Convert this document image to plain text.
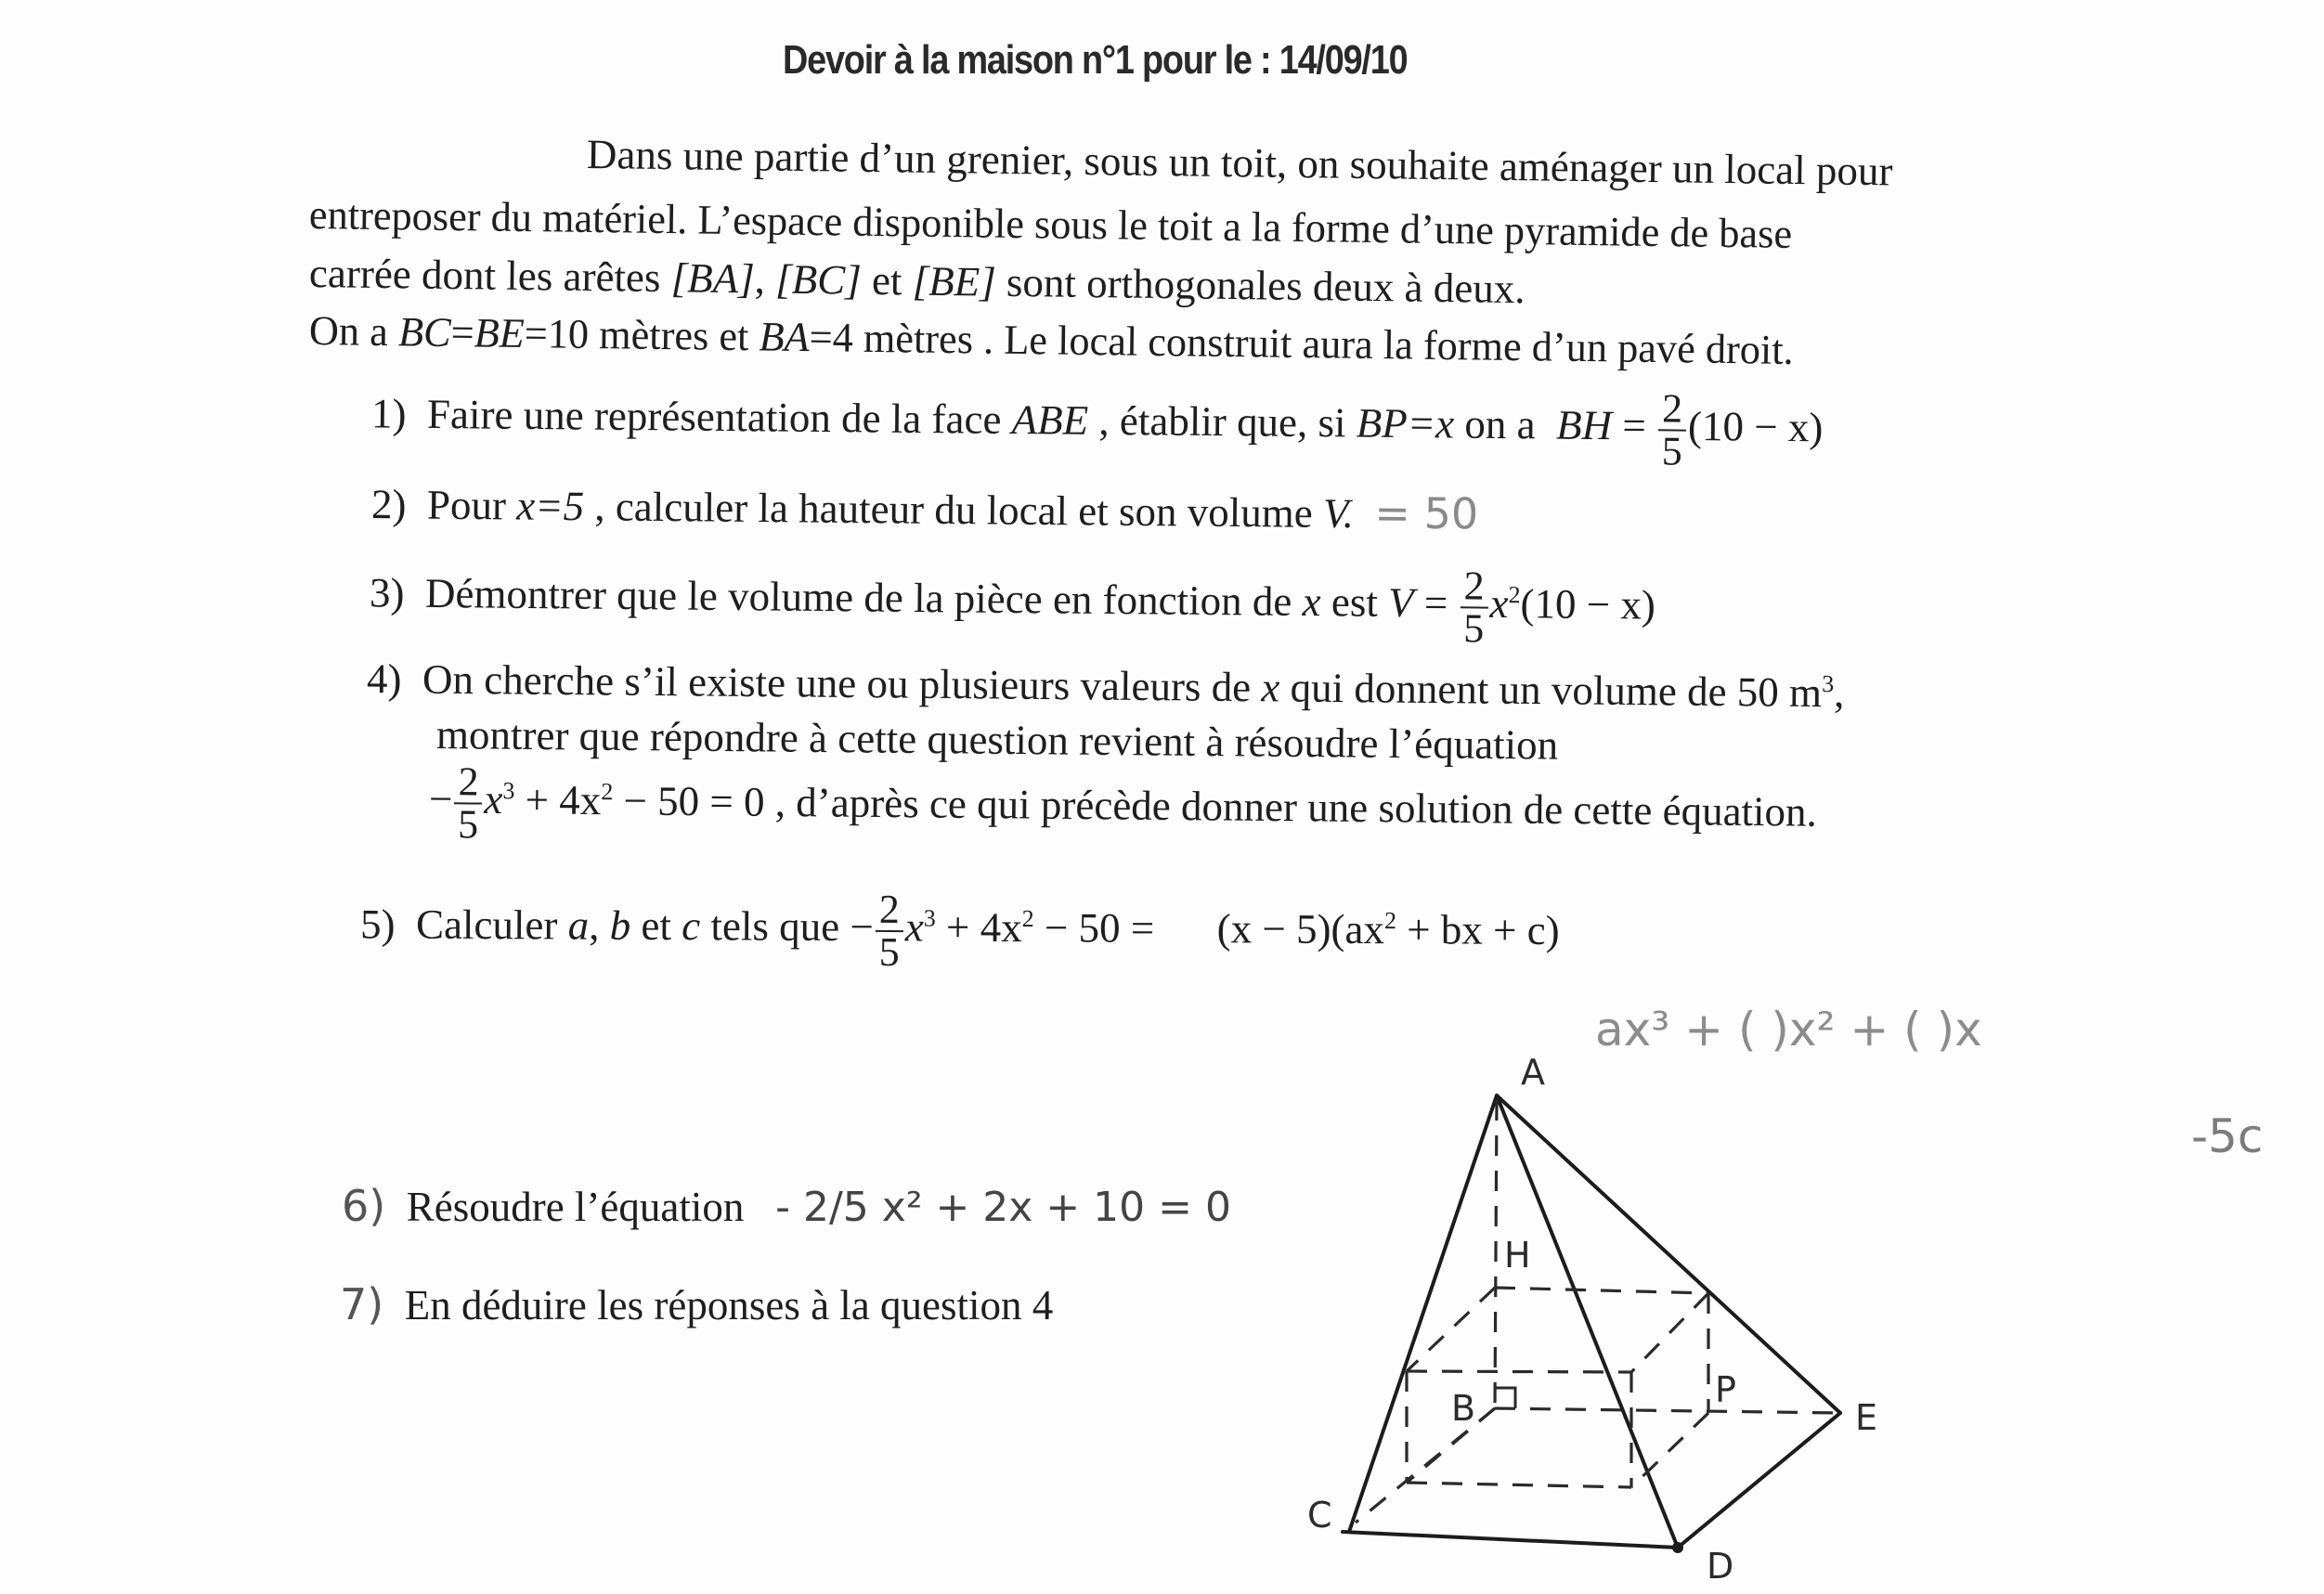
Devoir à la maison n°1 pour le : 14/09/10
Dans une partie d’un grenier, sous un toit, on souhaite aménager un local pour
entreposer du matériel. L’espace disponible sous le toit a la forme d’une pyramide de base
carrée dont les arêtes [BA], [BC] et [BE] sont orthogonales deux à deux.
On a BC=BE=10 mètres et BA=4 mètres . Le local construit aura la forme d’un pavé droit.
1) Faire une représentation de la face ABE , établir que, si BP=x on a  BH = $\frac{2}{5} (10 - x)$
2) Pour x=5 , calculer la hauteur du local et son volume V. = 50
3) Démontrer que le volume de la pièce en fonction de x est $V = \frac{2}{5} x^2(10 - x)$
4) On cherche s’il existe une ou plusieurs valeurs de x qui donnent un volume de 50 $m^3$,
montrer que répondre à cette question revient à résoudre l’équation
− $\frac{2}{5} x^3 + 4x^2 - 50 = 0$ , d’après ce qui précède donner une solution de cette équation.
5) Calculer a, b et c tels que − $\frac{2}{5} x^3 + 4x^2 - 50$ =      $(x - 5)(ax^2$ + bx + c)
6) Résoudre l’équation - 2/5 x² + 2x + 10 = 0
7) En déduire les réponses à la question 4
ax³ + ( )x² + ( )x
-5c
A
H
B	P
E
C
D
